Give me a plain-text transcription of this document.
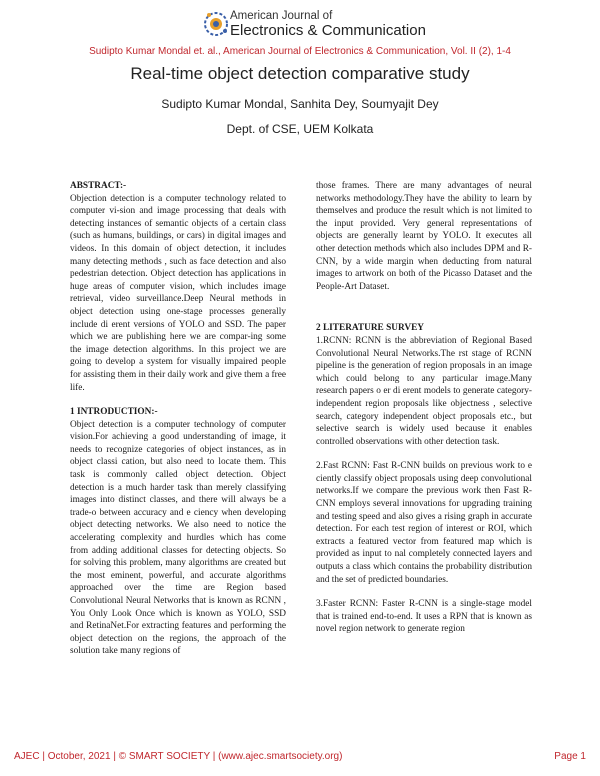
American Journal of
Electronics & Communication
Sudipto Kumar Mondal et. al., American Journal of Electronics & Communication, Vol. II (2), 1-4
Real-time object detection comparative study
Sudipto Kumar Mondal, Sanhita Dey, Soumyajit Dey
Dept. of CSE, UEM Kolkata
ABSTRACT:-

Objection detection is a computer technology related to computer vi-sion and image processing that deals with detecting instances of semantic objects of a certain class (such as humans, buildings, or cars) in digital images and videos. In this domain of object detection, it includes many detecting methods , such as face detection and also pedestrian detection. Object detection has applications in huge areas of computer vision, which includes image retrieval, video surveillance.Deep Neural methods in object detection using one-stage processes generally include di erent versions of YOLO and SSD. The paper which we are publishing here we are compar-ing some the image detection algorithms. In this project we are going to develop a system for visually impaired people for assisting them in their daily work and give them a free life.

1 INTRODUCTION:-

Object detection is a computer technology of computer vision.For achieving a good understanding of image, it needs to recognize categories of object instances, as in object classi cation, but also need to locate them. This task is commonly called object detection. Object detection is a much harder task than merely classifying images into distinct classes, and there will always be a trade-o between accuracy and e ciency when developing object detecting networks. We also need to notice the accelerating complexity and hurdles which has come from adding additional classes for detecting objects. So for solving this problem, many algorithms are created but the most eminent, powerful, and accurate algorithms approached over the time are Region based Convolutional Neural Networks that is known as RCNN , You Only Look Once which is known as YOLO, SSD and RetinaNet.For extracting features and performing the object detection on the regions, the approach of the solution take many regions of

those frames. There are many advantages of neural networks methodology.They have the ability to learn by themselves and produce the result which is not limited to the input provided. Very general representations of objects are generally learnt by YOLO. It executes all other detection methods which also includes DPM and R-CNN, by a wide margin when deducting from natural images to artwork on both of the Picasso Dataset and the People-Art Dataset.

2 LITERATURE SURVEY

1.RCNN: RCNN is the abbreviation of Regional Based Convolutional Neural Networks.The rst stage of RCNN pipeline is the generation of region proposals in an image which could belong to any particular image.Many research papers o er di erent models to generate category-independent region proposals like objectness , selective search, category independent object proposals etc., but selective search is widely used because it enables controlled observations with other detection task.

2.Fast RCNN: Fast R-CNN builds on previous work to e ciently classify object proposals using deep convolutional networks.If we compare the previous work then Fast R-CNN employs several innovations for upgrading training and testing speed and also gives a rising graph in accurate detection. For each test region of interest or ROI, which extracts a featured vector from featured map which is provided as input to nal completely connected layers and outputs a class which contains the probability distribution and the set of predicted boundaries.

3.Faster RCNN: Faster R-CNN is a single-stage model that is trained end-to-end. It uses a RPN that is known as novel region network to generate region

AJEC | October, 2021 | © SMART SOCIETY | (www.ajec.smartsociety.org)	Page 1
